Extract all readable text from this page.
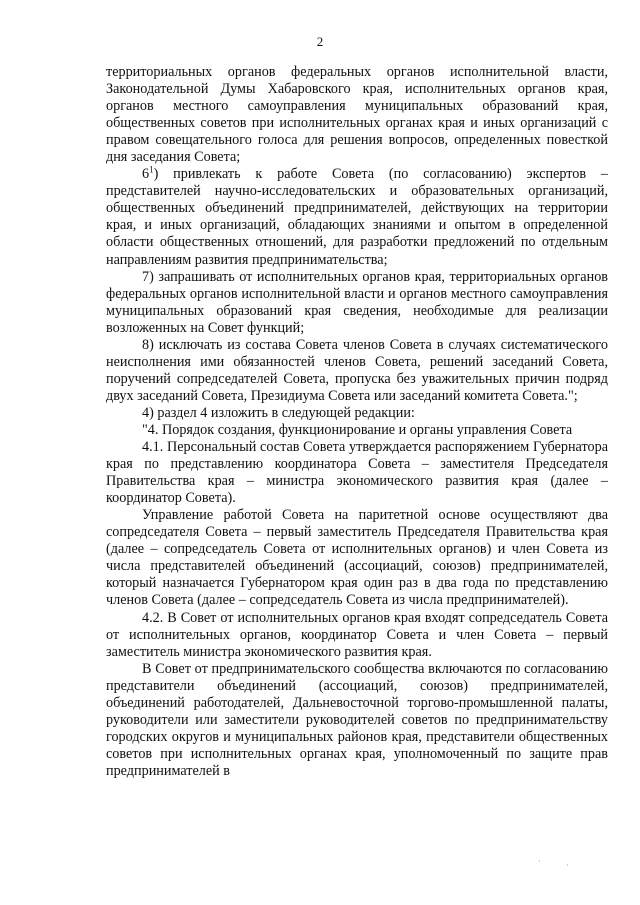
2

территориальных органов федеральных органов исполнительной власти, Законодательной Думы Хабаровского края, исполнительных органов края, органов местного самоуправления муниципальных образований края, общественных советов при исполнительных органах края и иных организаций с правом совещательного голоса для решения вопросов, определенных повесткой дня заседания Совета;

$6^1$) привлекать к работе Совета (по согласованию) экспертов – представителей научно-исследовательских и образовательных организаций, общественных объединений предпринимателей, действующих на территории края, и иных организаций, обладающих знаниями и опытом в определенной области общественных отношений, для разработки предложений по отдельным направлениям развития предпринимательства;

7) запрашивать от исполнительных органов края, территориальных органов федеральных органов исполнительной власти и органов местного самоуправления муниципальных образований края сведения, необходимые для реализации возложенных на Совет функций;

8) исключать из состава Совета членов Совета в случаях систематического неисполнения ими обязанностей членов Совета, решений заседаний Совета, поручений сопредседателей Совета, пропуска без уважительных причин подряд двух заседаний Совета, Президиума Совета или заседаний комитета Совета.";

4) раздел 4 изложить в следующей редакции:

"4. Порядок создания, функционирование и органы управления Совета

4.1. Персональный состав Совета утверждается распоряжением Губернатора края по представлению координатора Совета – заместителя Председателя Правительства края – министра экономического развития края (далее – координатор Совета).

Управление работой Совета на паритетной основе осуществляют два сопредседателя Совета – первый заместитель Председателя Правительства края (далее – сопредседатель Совета от исполнительных органов) и член Совета из числа представителей объединений (ассоциаций, союзов) предпринимателей, который назначается Губернатором края один раз в два года по представлению членов Совета (далее – сопредседатель Совета из числа предпринимателей).

4.2. В Совет от исполнительных органов края входят сопредседатель Совета от исполнительных органов, координатор Совета и член Совета – первый заместитель министра экономического развития края.

В Совет от предпринимательского сообщества включаются по согласованию представители объединений (ассоциаций, союзов) предпринимателей, объединений работодателей, Дальневосточной торгово-промышленной палаты, руководители или заместители руководителей советов по предпринимательству городских округов и муниципальных районов края, представители общественных советов при исполнительных органах края, уполномоченный по защите прав предпринимателей в

·	·
